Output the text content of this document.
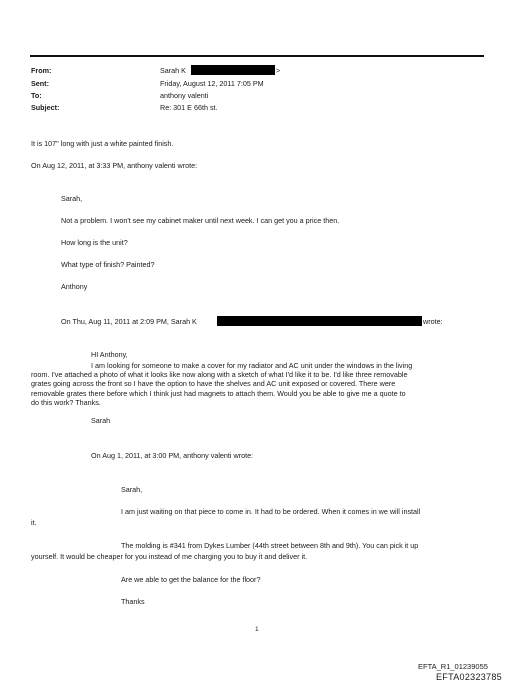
From:
Sent:
To:
Subject:
Sarah K	>
Friday, August 12, 2011 7:05 PM
anthony valenti
Re: 301 E 66th st.
It is 107" long with just a white painted finish.
On Aug 12, 2011, at 3:33 PM, anthony valenti wrote:
Sarah,
Not a problem. I won't see my cabinet maker until next week. I can get you a price then.
How long is the unit?
What type of finish? Painted?
Anthony
On Thu, Aug 11, 2011 at 2:09 PM, Sarah K	wrote:
HI Anthony,
I am looking for someone to make a cover for my radiator and AC unit under the windows in the living
room. I've attached a photo of what it looks like now along with a sketch of what I'd like it to be. I'd like three removable
grates going across the front so I have the option to have the shelves and AC unit exposed or covered. There were
removable grates there before which I think just had magnets to attach them. Would you be able to give me a quote to
do this work? Thanks.
Sarah
On Aug 1, 2011, at 3:00 PM, anthony valenti wrote:
Sarah,
I am just waiting on that piece to come in. It had to be ordered. When it comes in we will install
it.
The molding is #341 from Dykes Lumber (44th street between 8th and 9th). You can pick it up
yourself. It would be cheaper for you instead of me charging you to buy it and deliver it.
Are we able to get the balance for the floor?
Thanks
1
EFTA_R1_01239055
EFTA02323785
